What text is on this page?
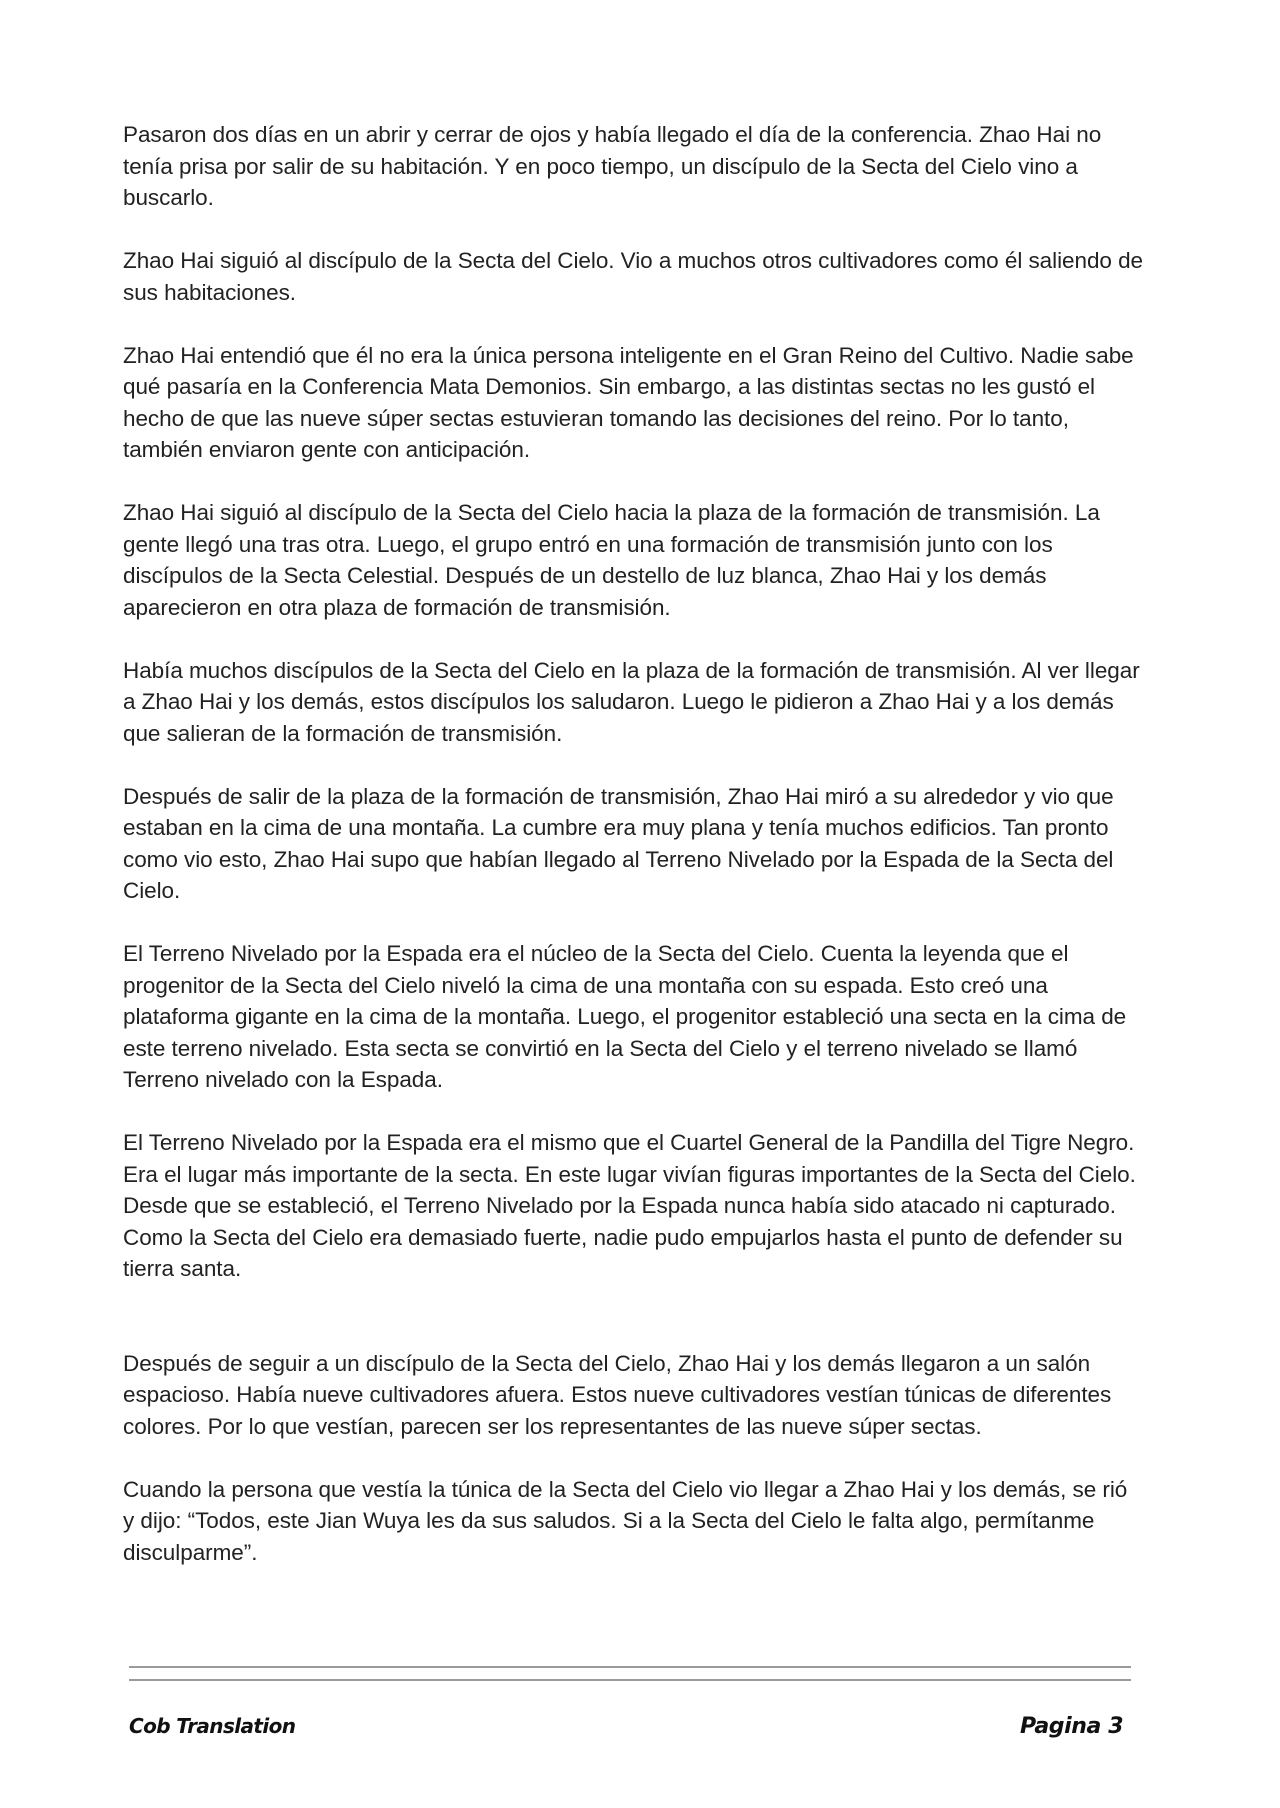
Pasaron dos días en un abrir y cerrar de ojos y había llegado el día de la conferencia. Zhao Hai no tenía prisa por salir de su habitación. Y en poco tiempo, un discípulo de la Secta del Cielo vino a buscarlo.

Zhao Hai siguió al discípulo de la Secta del Cielo. Vio a muchos otros cultivadores como él saliendo de sus habitaciones.

Zhao Hai entendió que él no era la única persona inteligente en el Gran Reino del Cultivo. Nadie sabe qué pasaría en la Conferencia Mata Demonios. Sin embargo, a las distintas sectas no les gustó el hecho de que las nueve súper sectas estuvieran tomando las decisiones del reino. Por lo tanto, también enviaron gente con anticipación.

Zhao Hai siguió al discípulo de la Secta del Cielo hacia la plaza de la formación de transmisión. La gente llegó una tras otra. Luego, el grupo entró en una formación de transmisión junto con los discípulos de la Secta Celestial. Después de un destello de luz blanca, Zhao Hai y los demás aparecieron en otra plaza de formación de transmisión.

Había muchos discípulos de la Secta del Cielo en la plaza de la formación de transmisión. Al ver llegar a Zhao Hai y los demás, estos discípulos los saludaron. Luego le pidieron a Zhao Hai y a los demás que salieran de la formación de transmisión.

Después de salir de la plaza de la formación de transmisión, Zhao Hai miró a su alrededor y vio que estaban en la cima de una montaña. La cumbre era muy plana y tenía muchos edificios. Tan pronto como vio esto, Zhao Hai supo que habían llegado al Terreno Nivelado por la Espada de la Secta del Cielo.

El Terreno Nivelado por la Espada era el núcleo de la Secta del Cielo. Cuenta la leyenda que el progenitor de la Secta del Cielo niveló la cima de una montaña con su espada. Esto creó una plataforma gigante en la cima de la montaña. Luego, el progenitor estableció una secta en la cima de este terreno nivelado. Esta secta se convirtió en la Secta del Cielo y el terreno nivelado se llamó Terreno nivelado con la Espada.

El Terreno Nivelado por la Espada era el mismo que el Cuartel General de la Pandilla del Tigre Negro. Era el lugar más importante de la secta. En este lugar vivían figuras importantes de la Secta del Cielo. Desde que se estableció, el Terreno Nivelado por la Espada nunca había sido atacado ni capturado. Como la Secta del Cielo era demasiado fuerte, nadie pudo empujarlos hasta el punto de defender su tierra santa.

Después de seguir a un discípulo de la Secta del Cielo, Zhao Hai y los demás llegaron a un salón espacioso. Había nueve cultivadores afuera. Estos nueve cultivadores vestían túnicas de diferentes colores. Por lo que vestían, parecen ser los representantes de las nueve súper sectas.

Cuando la persona que vestía la túnica de la Secta del Cielo vio llegar a Zhao Hai y los demás, se rió y dijo: “Todos, este Jian Wuya les da sus saludos. Si a la Secta del Cielo le falta algo, permítanme disculparme”.

Cob Translation	Pagina 3
